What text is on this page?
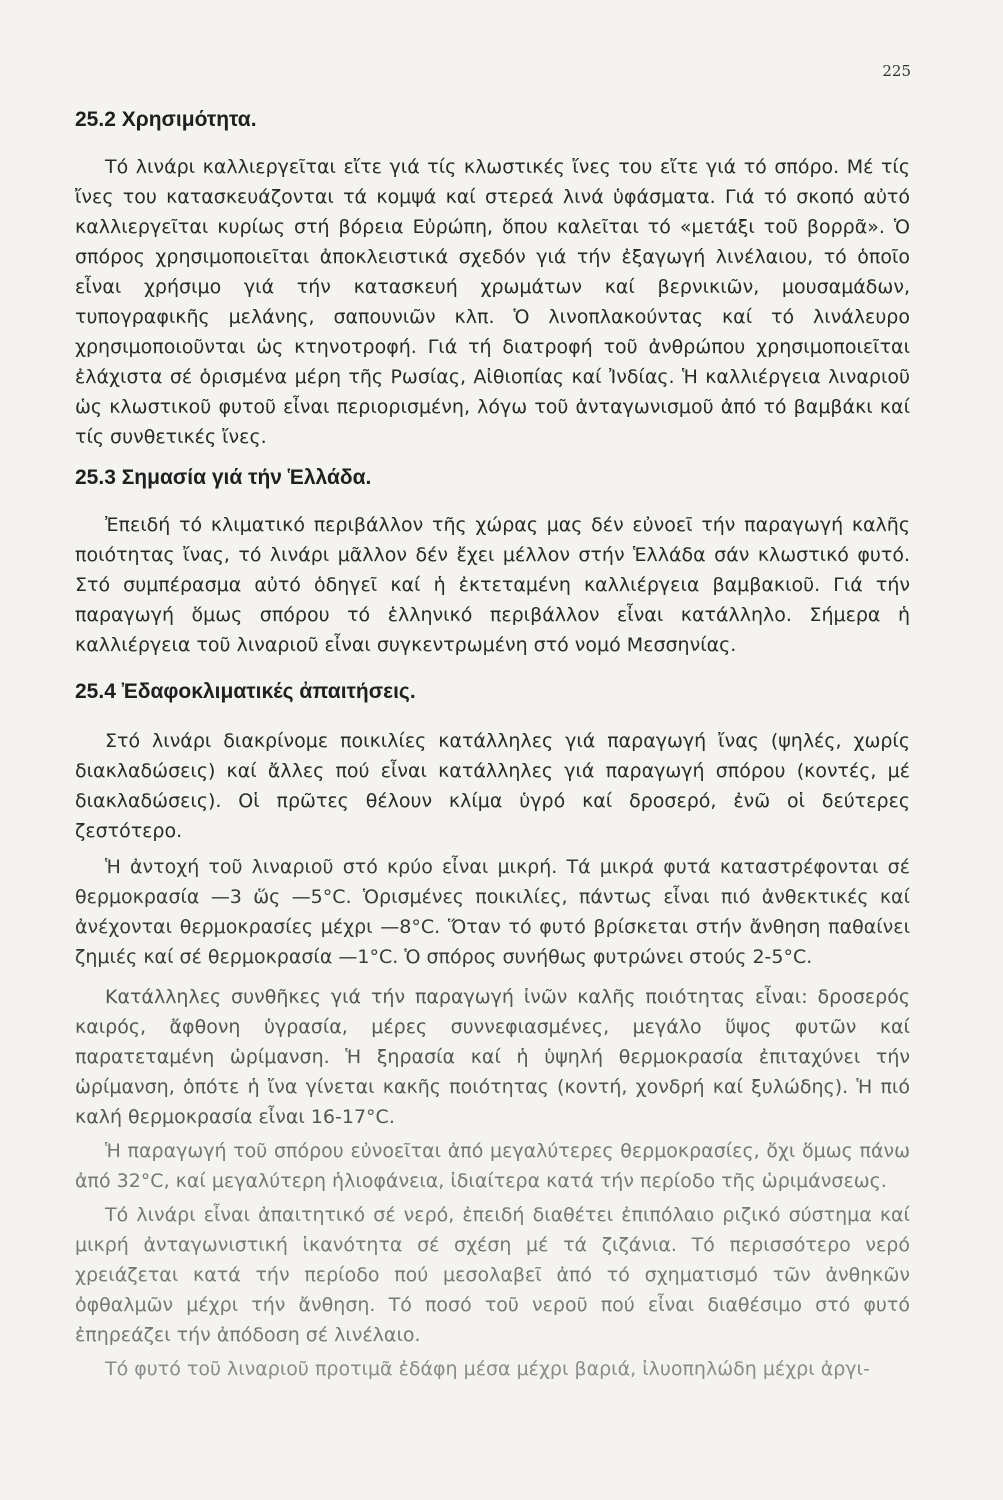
225
25.2 Χρησιμότητα.

Τό λινάρι καλλιεργεῖται εἴτε γιά τίς κλωστικές ἴνες του εἴτε γιά τό σπόρο. Μέ τίς ἴνες του κατασκευάζονται τά κομψά καί στερεά λινά ὑφάσματα. Γιά τό σκοπό αὐτό καλλιεργεῖται κυρίως στή βόρεια Εὐρώπη, ὅπου καλεῖται τό «μετάξι τοῦ βορρᾶ». Ὁ σπόρος χρησιμοποιεῖται ἀποκλειστικά σχεδόν γιά τήν ἐξαγωγή λινέλαιου, τό ὁποῖο εἶναι χρήσιμο γιά τήν κατασκευή χρωμάτων καί βερνικιῶν, μουσαμάδων, τυπογραφικῆς μελάνης, σαπουνιῶν κλπ. Ὁ λινοπλακούντας καί τό λινάλευρο χρησιμοποιοῦνται ὡς κτηνοτροφή. Γιά τή διατροφή τοῦ ἀνθρώπου χρησιμοποιεῖται ἐλάχιστα σέ ὁρισμένα μέρη τῆς Ρωσίας, Αἰθιοπίας καί Ἰνδίας. Ἡ καλλιέργεια λιναριοῦ ὡς κλωστικοῦ φυτοῦ εἶναι περιορισμένη, λόγω τοῦ ἀνταγωνισμοῦ ἀπό τό βαμβάκι καί τίς συνθετικές ἴνες.

25.3 Σημασία γιά τήν Ἑλλάδα.

Ἐπειδή τό κλιματικό περιβάλλον τῆς χώρας μας δέν εὐνοεῖ τήν παραγωγή καλῆς ποιότητας ἴνας, τό λινάρι μᾶλλον δέν ἔχει μέλλον στήν Ἑλλάδα σάν κλωστικό φυτό. Στό συμπέρασμα αὐτό ὁδηγεῖ καί ἡ ἐκτεταμένη καλλιέργεια βαμβακιοῦ. Γιά τήν παραγωγή ὅμως σπόρου τό ἑλληνικό περιβάλλον εἶναι κατάλληλο. Σήμερα ἡ καλλιέργεια τοῦ λιναριοῦ εἶναι συγκεντρωμένη στό νομό Μεσσηνίας.

25.4 Ἐδαφοκλιματικές ἀπαιτήσεις.

Στό λινάρι διακρίνομε ποικιλίες κατάλληλες γιά παραγωγή ἴνας (ψηλές, χωρίς διακλαδώσεις) καί ἄλλες πού εἶναι κατάλληλες γιά παραγωγή σπόρου (κοντές, μέ διακλαδώσεις). Οἱ πρῶτες θέλουν κλίμα ὑγρό καί δροσερό, ἐνῶ οἱ δεύτερες ζεστότερο.

Ἡ ἀντοχή τοῦ λιναριοῦ στό κρύο εἶναι μικρή. Τά μικρά φυτά καταστρέφονται σέ θερμοκρασία —3 ὥς —5°C. Ὁρισμένες ποικιλίες, πάντως εἶναι πιό ἀνθεκτικές καί ἀνέχονται θερμοκρασίες μέχρι —8°C. Ὅταν τό φυτό βρίσκεται στήν ἄνθηση παθαίνει ζημιές καί σέ θερμοκρασία —1°C. Ὁ σπόρος συνήθως φυτρώνει στούς 2-5°C.

Κατάλληλες συνθῆκες γιά τήν παραγωγή ἰνῶν καλῆς ποιότητας εἶναι: δροσερός καιρός, ἄφθονη ὑγρασία, μέρες συννεφιασμένες, μεγάλο ὕψος φυτῶν καί παρατεταμένη ὡρίμανση. Ἡ ξηρασία καί ἡ ὑψηλή θερμοκρασία ἐπιταχύνει τήν ὡρίμανση, ὁπότε ἡ ἴνα γίνεται κακῆς ποιότητας (κοντή, χονδρή καί ξυλώδης). Ἡ πιό καλή θερμοκρασία εἶναι 16-17°C.

Ἡ παραγωγή τοῦ σπόρου εὐνοεῖται ἀπό μεγαλύτερες θερμοκρασίες, ὄχι ὅμως πάνω ἀπό 32°C, καί μεγαλύτερη ἡλιοφάνεια, ἰδιαίτερα κατά τήν περίοδο τῆς ὡριμάνσεως.

Τό λινάρι εἶναι ἀπαιτητικό σέ νερό, ἐπειδή διαθέτει ἐπιπόλαιο ριζικό σύστημα καί μικρή ἀνταγωνιστική ἱκανότητα σέ σχέση μέ τά ζιζάνια. Τό περισσότερο νερό χρειάζεται κατά τήν περίοδο πού μεσολαβεῖ ἀπό τό σχηματισμό τῶν ἀνθηκῶν ὀφθαλμῶν μέχρι τήν ἄνθηση. Τό ποσό τοῦ νεροῦ πού εἶναι διαθέσιμο στό φυτό ἐπηρεάζει τήν ἀπόδοση σέ λινέλαιο.

Τό φυτό τοῦ λιναριοῦ προτιμᾶ ἐδάφη μέσα μέχρι βαριά, ἰλυοπηλώδη μέχρι ἀργι-
